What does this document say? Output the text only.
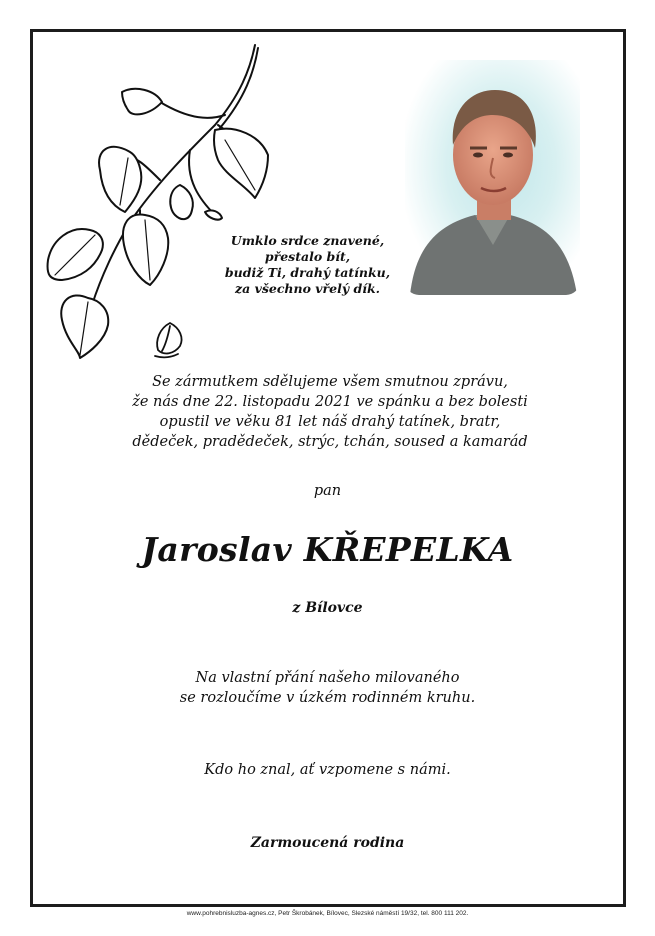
Umklo srdce znavené,
přestalo bít,
budiž Ti, drahý tatínku,
za všechno vřelý dík.
Se zármutkem sdělujeme všem smutnou zprávu,
že nás dne 22. listopadu 2021 ve spánku a bez bolesti
opustil ve věku 81 let náš drahý tatínek, bratr,
dědeček, pradědeček, strýc, tchán, soused a kamarád
pan
Jaroslav KŘEPELKA
z Bílovce
Na vlastní přání našeho milovaného
se rozloučíme v úzkém rodinném kruhu.
Kdo ho znal, ať vzpomene s námi.
Zarmoucená rodina
www.pohrebnisluzba-agnes.cz, Petr Škrobánek, Bílovec, Slezské náměstí 19/32, tel. 800 111 202.
